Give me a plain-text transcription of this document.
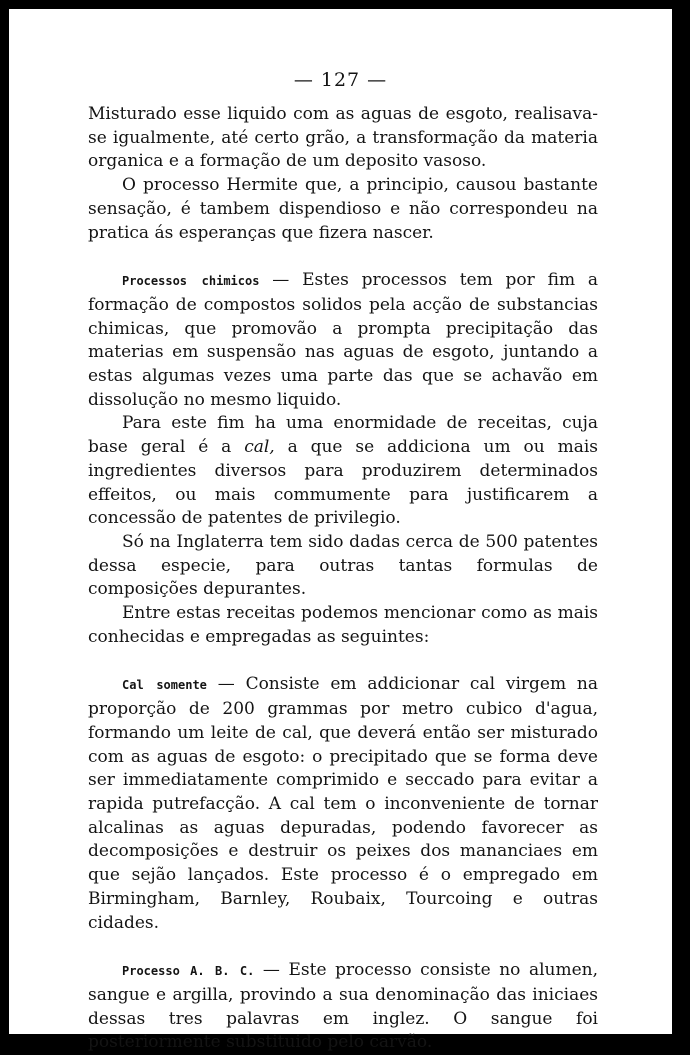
— 127 —

Misturado esse liquido com as aguas de esgoto, realisava-se igualmente, até certo grão, a transformação da materia organica e a formação de um deposito vasoso.

O processo Hermite que, a principio, causou bastante sensação, é tambem dispendioso e não correspondeu na pratica ás esperanças que fizera nascer.

Processos chimicos — Estes processos tem por fim a formação de compostos solidos pela acção de substancias chimicas, que promovão a prompta precipitação das materias em suspensão nas aguas de esgoto, juntando a estas algumas vezes uma parte das que se achavão em dissolução no mesmo liquido.

Para este fim ha uma enormidade de receitas, cuja base geral é a cal, a que se addiciona um ou mais ingredientes diversos para produzirem determinados effeitos, ou mais commumente para justificarem a concessão de patentes de privilegio.

Só na Inglaterra tem sido dadas cerca de 500 patentes dessa especie, para outras tantas formulas de composições depurantes.

Entre estas receitas podemos mencionar como as mais conhecidas e empregadas as seguintes:

Cal somente — Consiste em addicionar cal virgem na proporção de 200 grammas por metro cubico d'agua, formando um leite de cal, que deverá então ser misturado com as aguas de esgoto: o precipitado que se forma deve ser immediatamente comprimido e seccado para evitar a rapida putrefacção. A cal tem o inconveniente de tornar alcalinas as aguas depuradas, podendo favorecer as decomposições e destruir os peixes dos mananciaes em que sejão lançados. Este processo é o empregado em Birmingham, Barnley, Roubaix, Tourcoing e outras cidades.

Processo A. B. C. — Este processo consiste no alumen, sangue e argilla, provindo a sua denominação das iniciaes dessas tres palavras em inglez. O sangue foi posteriormente substituido pelo carvão.
